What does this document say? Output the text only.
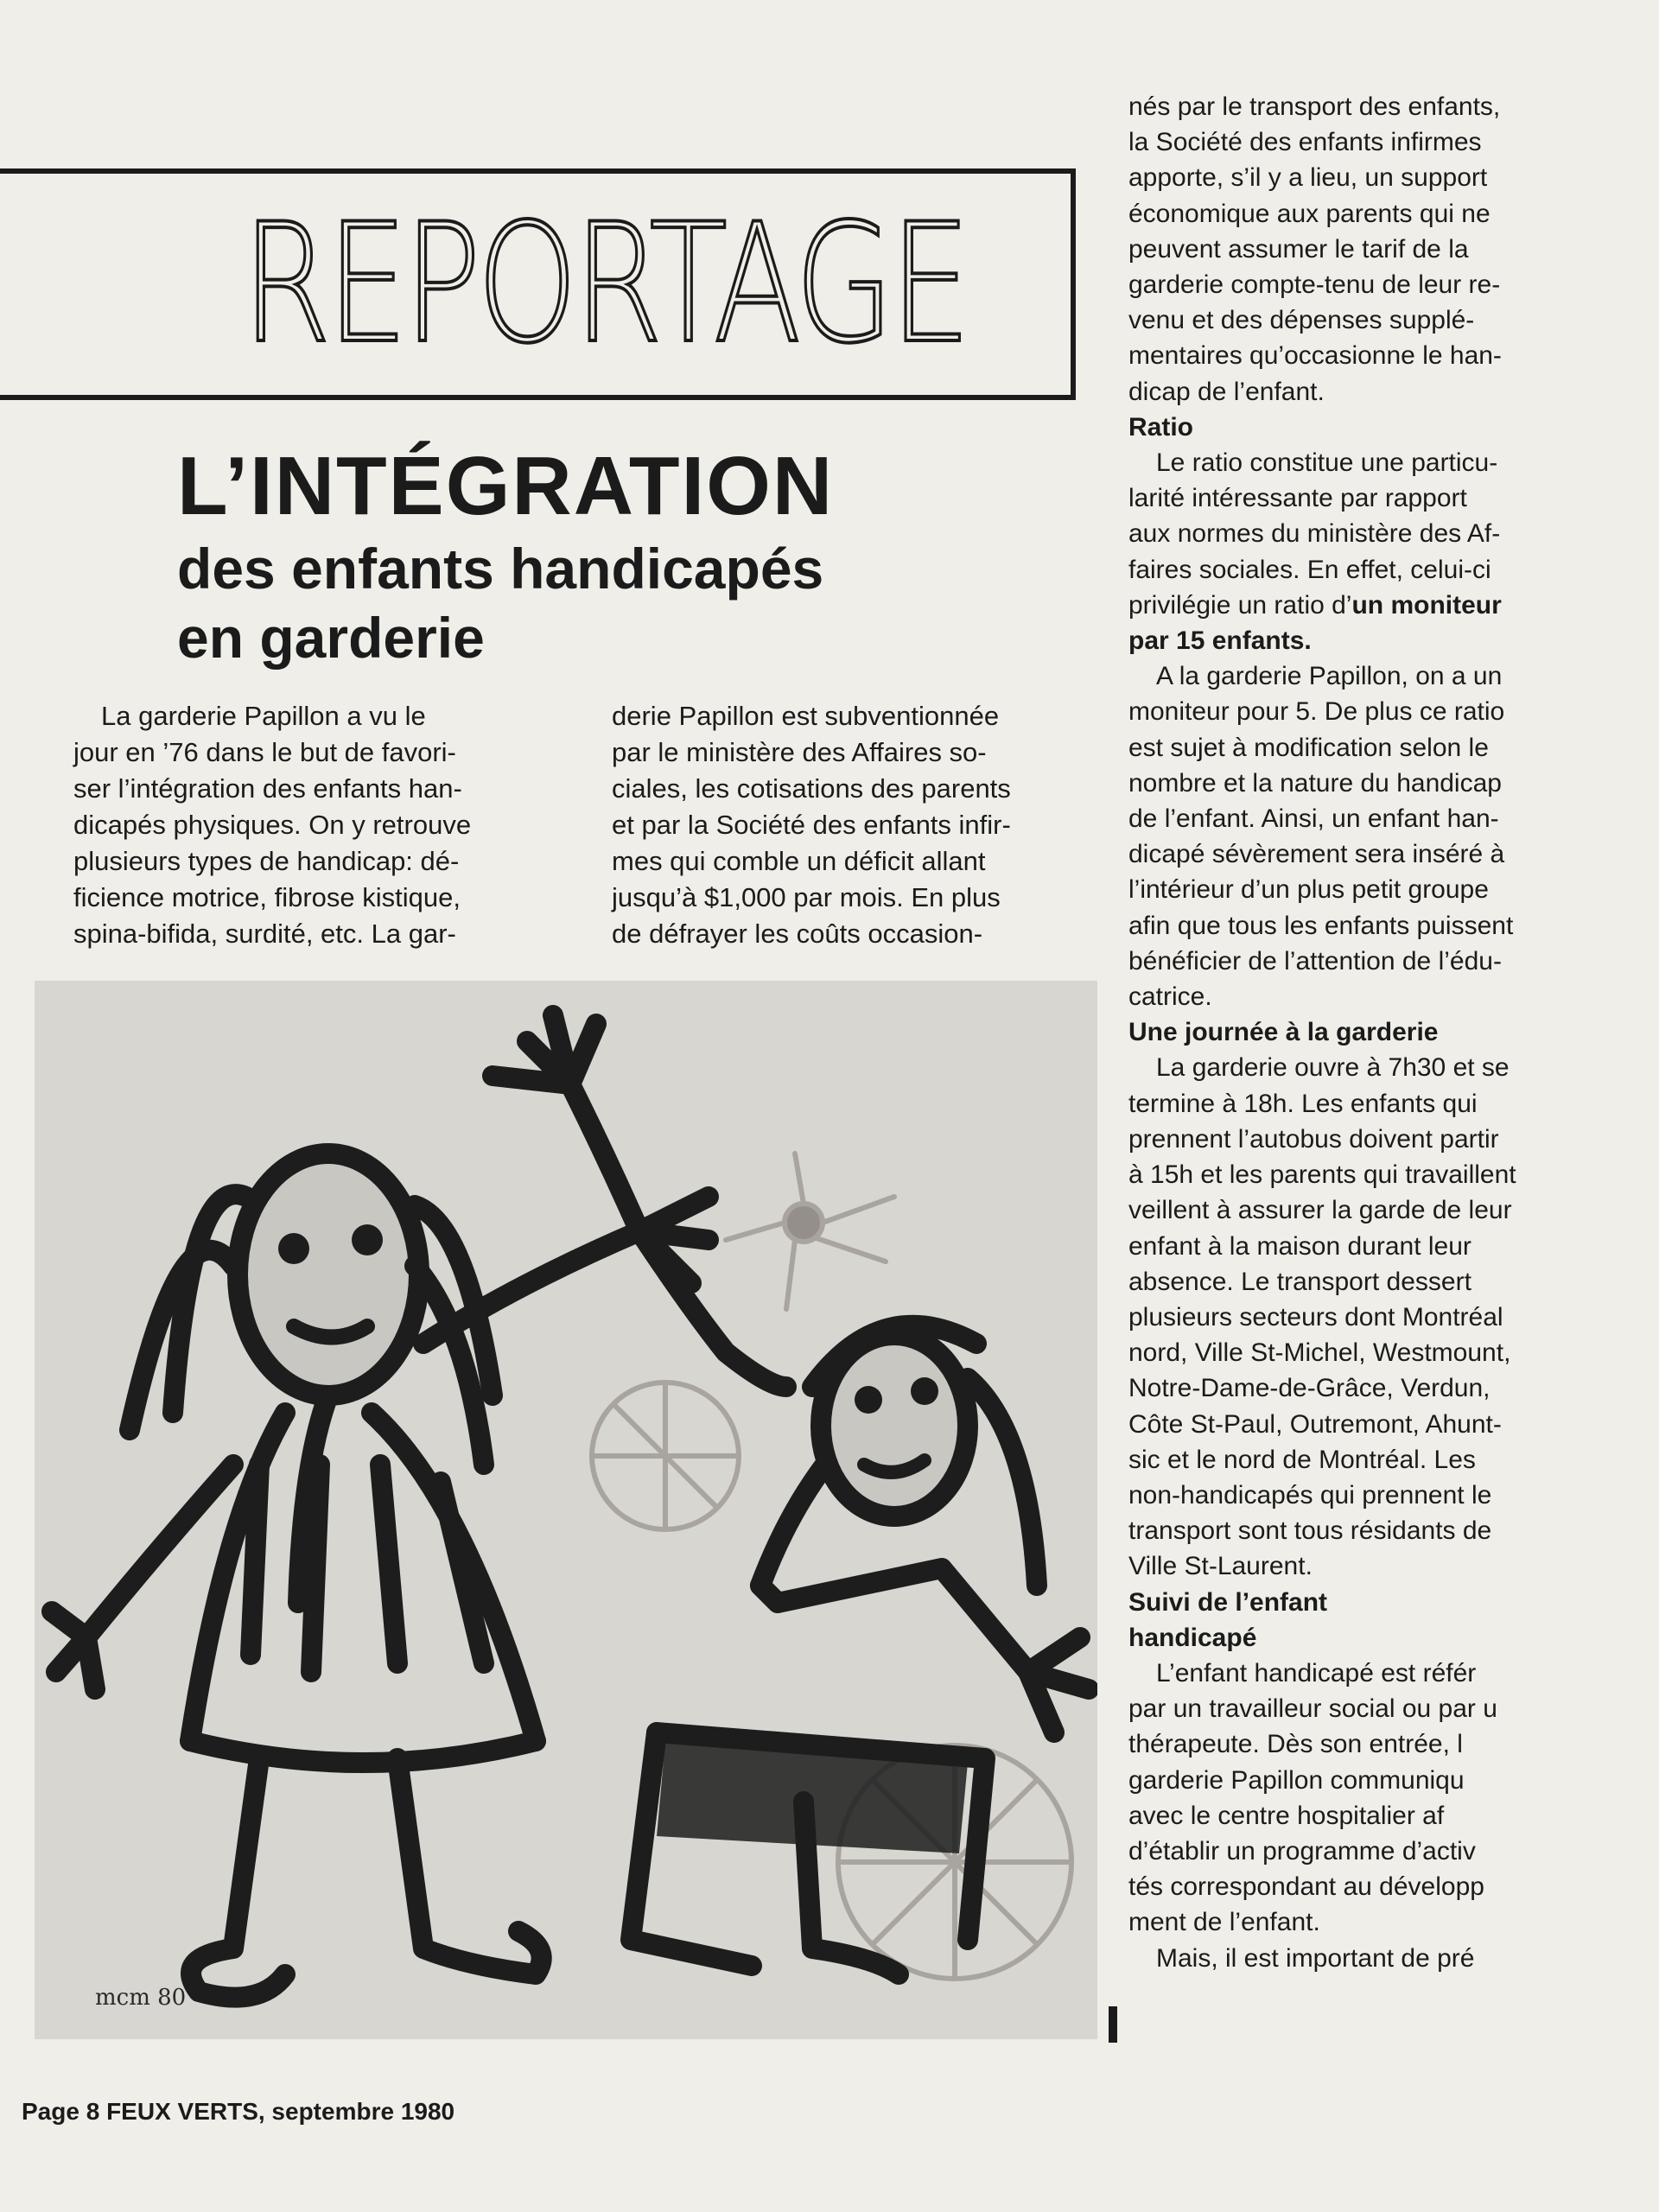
REPORTAGE
L’INTÉGRATION
des enfants handicapés
en garderie
La garderie Papillon a vu le
jour en ’76 dans le but de favori-
ser l’intégration des enfants han-
dicapés physiques. On y retrouve
plusieurs types de handicap: dé-
ficience motrice, fibrose kistique,
spina-bifida, surdité, etc. La gar-
derie Papillon est subventionnée
par le ministère des Affaires so-
ciales, les cotisations des parents
et par la Société des enfants infir-
mes qui comble un déficit allant
jusqu’à $1,000 par mois. En plus
de défrayer les coûts occasion-
nés par le transport des enfants,
la Société des enfants infirmes
apporte, s’il y a lieu, un support
économique aux parents qui ne
peuvent assumer le tarif de la
garderie compte-tenu de leur re-
venu et des dépenses supplé-
mentaires qu’occasionne le han-
dicap de l’enfant.
Ratio
Le ratio constitue une particu-
larité intéressante par rapport
aux normes du ministère des Af-
faires sociales. En effet, celui-ci
privilégie un ratio d’un moniteur
par 15 enfants.
A la garderie Papillon, on a un
moniteur pour 5. De plus ce ratio
est sujet à modification selon le
nombre et la nature du handicap
de l’enfant. Ainsi, un enfant han-
dicapé sévèrement sera inséré à
l’intérieur d’un plus petit groupe
afin que tous les enfants puissent
bénéficier de l’attention de l’édu-
catrice.
Une journée à la garderie
La garderie ouvre à 7h30 et se
termine à 18h. Les enfants qui
prennent l’autobus doivent partir
à 15h et les parents qui travaillent
veillent à assurer la garde de leur
enfant à la maison durant leur
absence. Le transport dessert
plusieurs secteurs dont Montréal
nord, Ville St-Michel, Westmount,
Notre-Dame-de-Grâce, Verdun,
Côte St-Paul, Outremont, Ahunt-
sic et le nord de Montréal. Les
non-handicapés qui prennent le
transport sont tous résidants de
Ville St-Laurent.
Suivi de l’enfant
handicapé
L’enfant handicapé est référ
par un travailleur social ou par u
thérapeute. Dès son entrée, l
garderie Papillon communiqu
avec le centre hospitalier af
d’établir un programme d’activ
tés correspondant au développ
ment de l’enfant.
Mais, il est important de pré
mcm 80
Page 8 FEUX VERTS, septembre 1980
